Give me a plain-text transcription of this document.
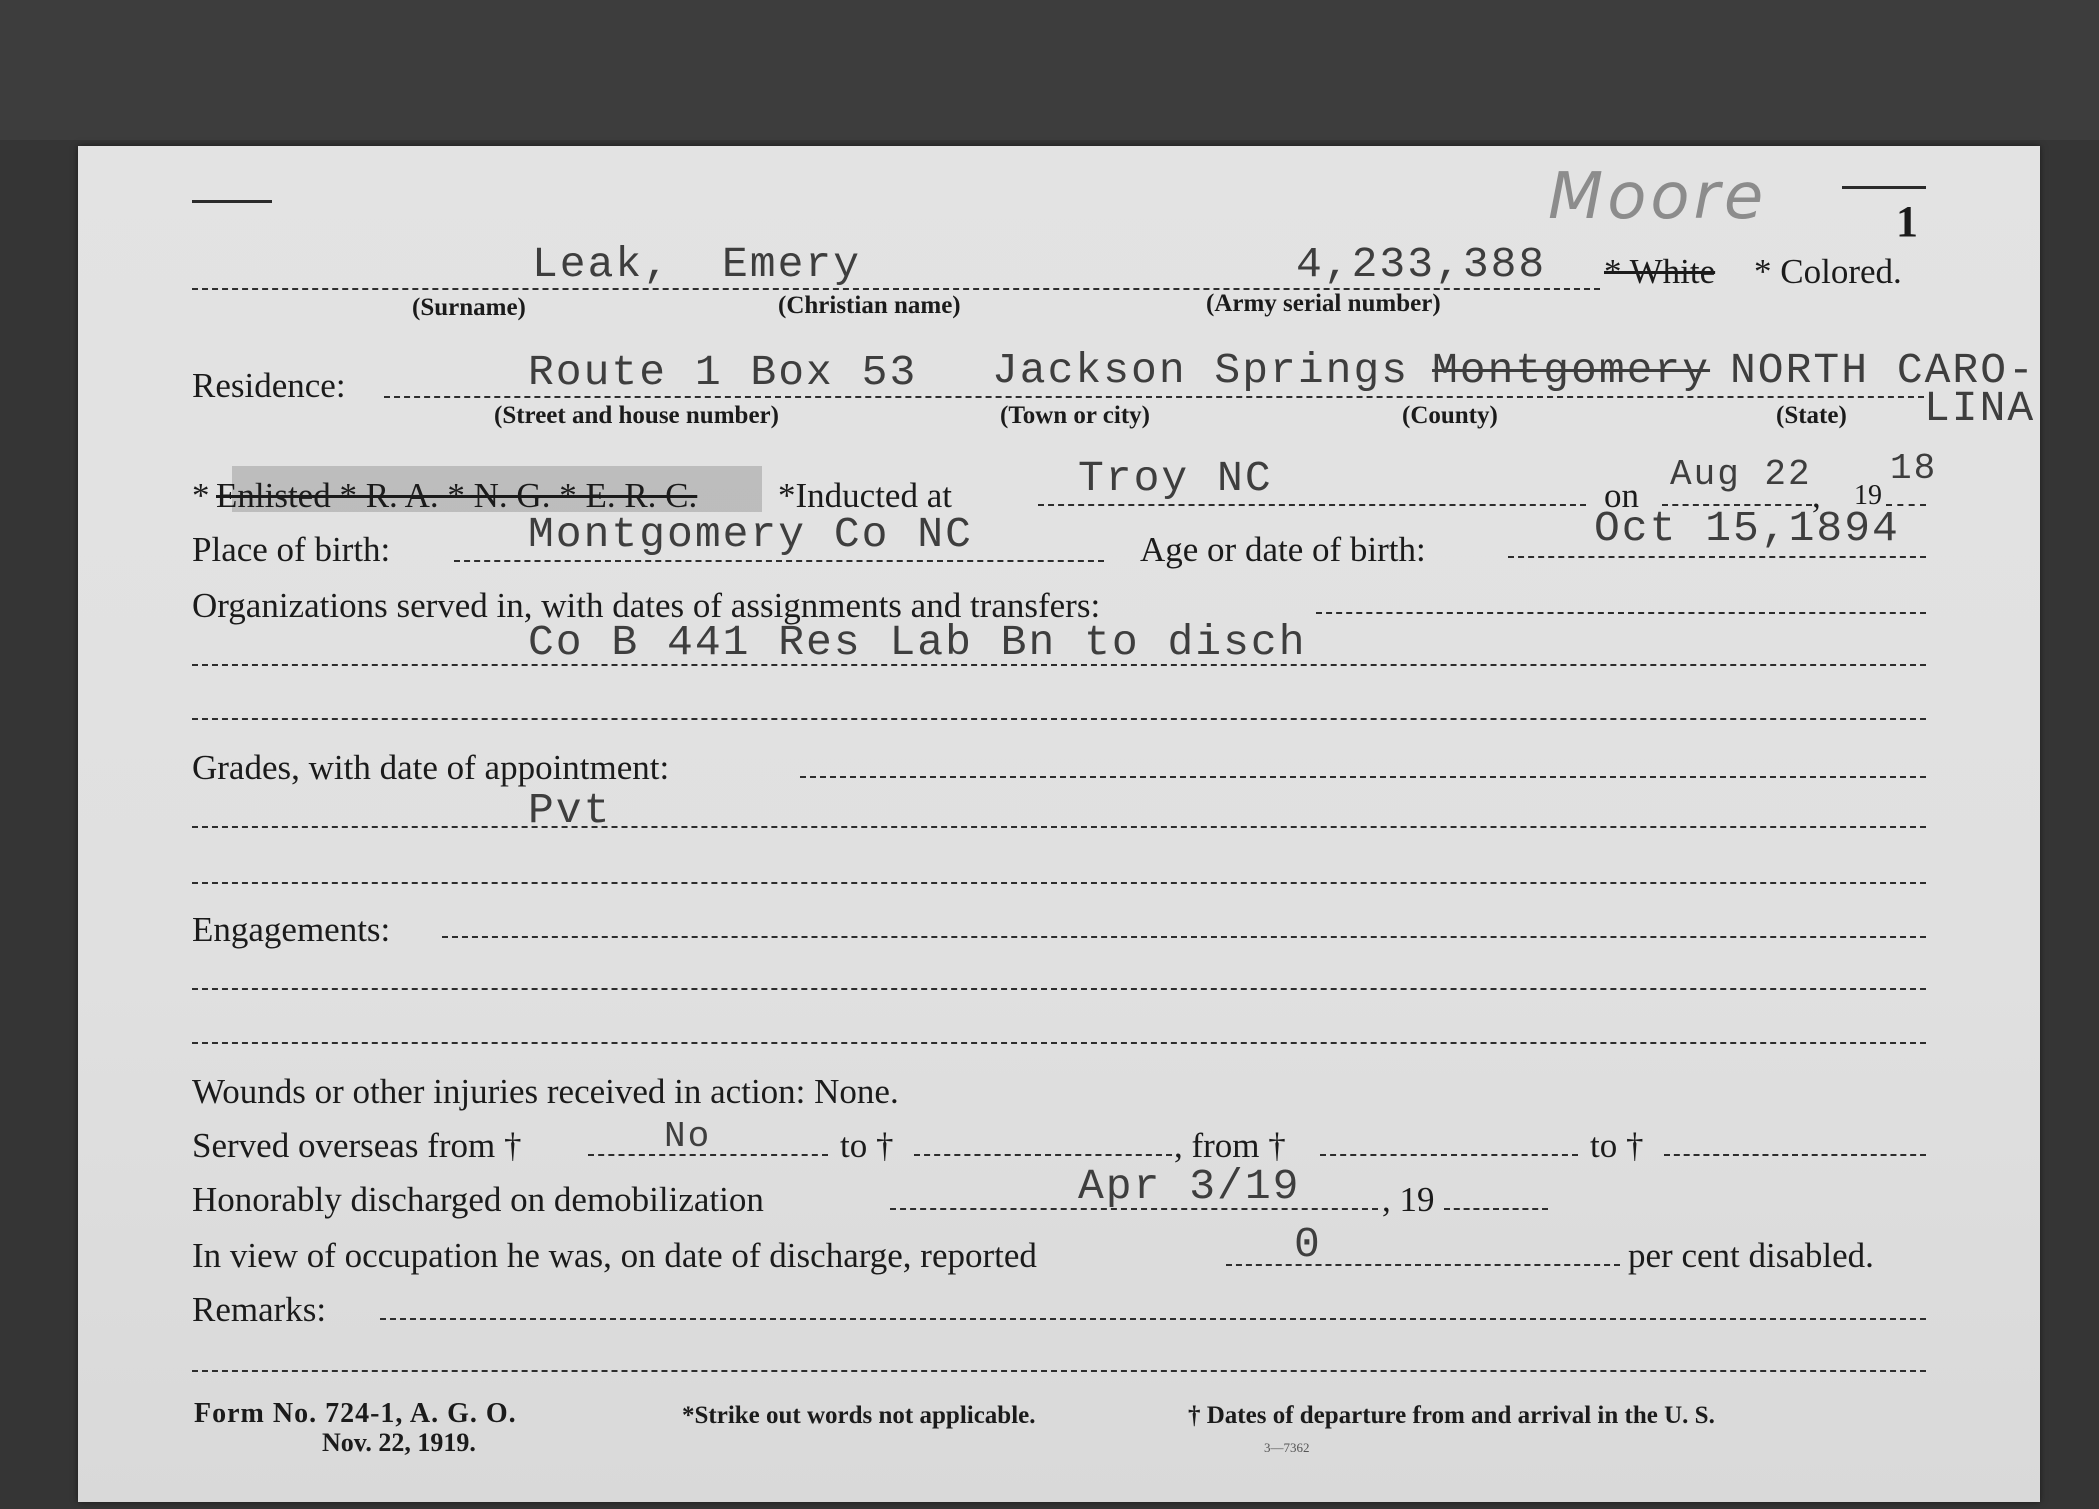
Moore	1
Leak, Emery	4,233,388 * White * Colored.
(Surname)	(Christian name)	(Army serial number)
Residence:	Route 1 Box 53 Jackson Springs Montgomery NORTH CARO-
LINA
(Street and house number)	(Town or city)	(County)	(State)
* Enlisted * R. A. * N. G. * E. R. C. *Inducted at	Troy NC	on
Aug 22
, 19
18
Place of birth:	Montgomery Co NC	Age or date of birth:	Oct 15,1894
Organizations served in, with dates of assignments and transfers:
Co B 441 Res Lab Bn to disch
Grades, with date of appointment:
Pvt
Engagements:
Wounds or other injuries received in action: None.
Served overseas from †	No	to †	, from †	to †
Honorably discharged on demobilization	Apr 3/19 , 19
In view of occupation he was, on date of discharge, reported	0	per cent disabled.
Remarks:
Form No. 724-1, A. G. O.
Nov. 22, 1919.
*Strike out words not applicable.	† Dates of departure from and arrival in the U. S.
3—7362
